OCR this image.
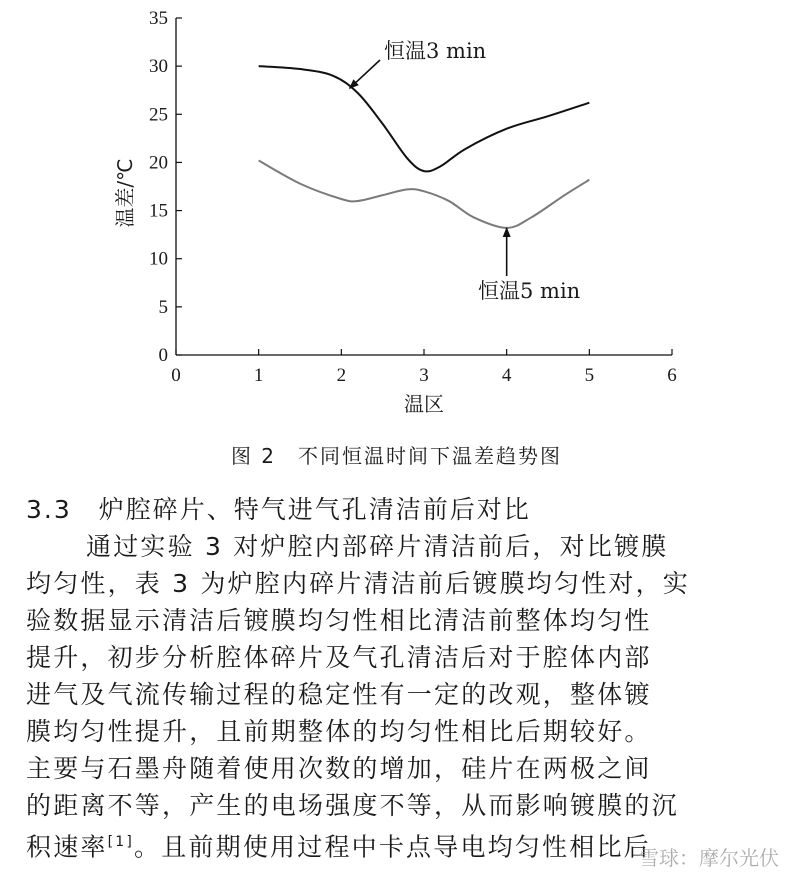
0	1	2	3	4	5	6
0
5
10
15
20
25
30
35
恒温3 min
恒温5 min
温区
温差/℃
图 2　不同恒温时间下温差趋势图
3.3　炉腔碎片、特气进气孔清洁前后对比
通过实验 3 对炉腔内部碎片清洁前后，对比镀膜
均匀性，表 3 为炉腔内碎片清洁前后镀膜均匀性对，实
验数据显示清洁后镀膜均匀性相比清洁前整体均匀性
提升，初步分析腔体碎片及气孔清洁后对于腔体内部
进气及气流传输过程的稳定性有一定的改观，整体镀
膜均匀性提升，且前期整体的均匀性相比后期较好。
主要与石墨舟随着使用次数的增加，硅片在两极之间
的距离不等，产生的电场强度不等，从而影响镀膜的沉
积速率[1]。且前期使用过程中卡点导电均匀性相比后
雪球：摩尔光伏
